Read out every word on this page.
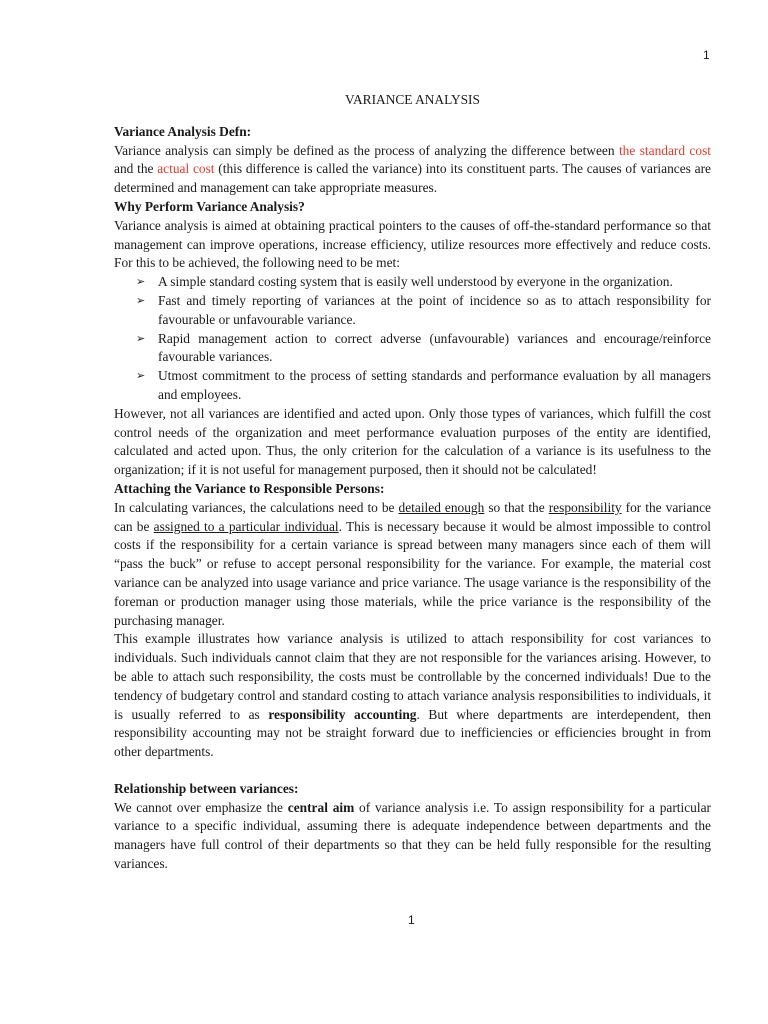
1
VARIANCE ANALYSIS
Variance Analysis Defn:

Variance analysis can simply be defined as the process of analyzing the difference between the standard cost and the actual cost (this difference is called the variance) into its constituent parts. The causes of variances are determined and management can take appropriate measures.

Why Perform Variance Analysis?

Variance analysis is aimed at obtaining practical pointers to the causes of off-the-standard performance so that management can improve operations, increase efficiency, utilize resources more effectively and reduce costs. For this to be achieved, the following need to be met:

➢ A simple standard costing system that is easily well understood by everyone in the organization.
➢ Fast and timely reporting of variances at the point of incidence so as to attach responsibility for favourable or unfavourable variance.
➢ Rapid management action to correct adverse (unfavourable) variances and encourage/reinforce favourable variances.
➢ Utmost commitment to the process of setting standards and performance evaluation by all managers and employees.

However, not all variances are identified and acted upon. Only those types of variances, which fulfill the cost control needs of the organization and meet performance evaluation purposes of the entity are identified, calculated and acted upon. Thus, the only criterion for the calculation of a variance is its usefulness to the organization; if it is not useful for management purposed, then it should not be calculated!

Attaching the Variance to Responsible Persons:

In calculating variances, the calculations need to be detailed enough so that the responsibility for the variance can be assigned to a particular individual. This is necessary because it would be almost impossible to control costs if the responsibility for a certain variance is spread between many managers since each of them will “pass the buck” or refuse to accept personal responsibility for the variance. For example, the material cost variance can be analyzed into usage variance and price variance. The usage variance is the responsibility of the foreman or production manager using those materials, while the price variance is the responsibility of the purchasing manager.

This example illustrates how variance analysis is utilized to attach responsibility for cost variances to individuals. Such individuals cannot claim that they are not responsible for the variances arising. However, to be able to attach such responsibility, the costs must be controllable by the concerned individuals! Due to the tendency of budgetary control and standard costing to attach variance analysis responsibilities to individuals, it is usually referred to as responsibility accounting. But where departments are interdependent, then responsibility accounting may not be straight forward due to inefficiencies or efficiencies brought in from other departments.

Relationship between variances:

We cannot over emphasize the central aim of variance analysis i.e. To assign responsibility for a particular variance to a specific individual, assuming there is adequate independence between departments and the managers have full control of their departments so that they can be held fully responsible for the resulting variances.

1
